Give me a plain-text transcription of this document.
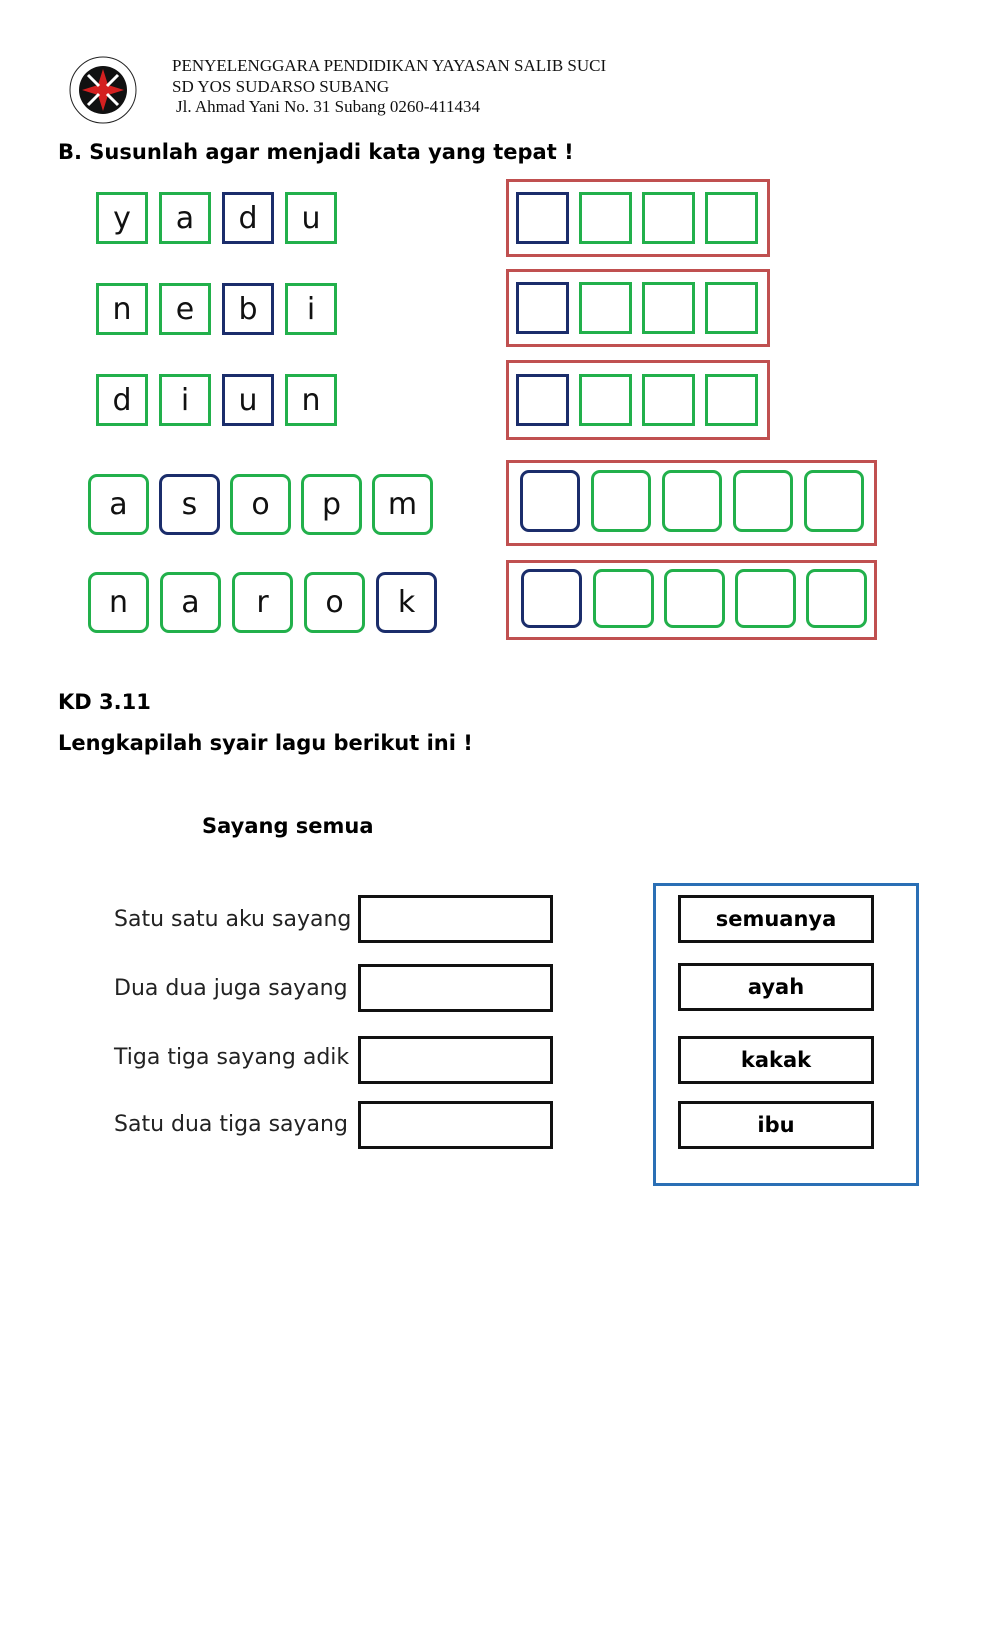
PENYELENGGARA PENDIDIKAN YAYASAN SALIB SUCI
SD YOS SUDARSO SUBANG
Jl. Ahmad Yani No. 31 Subang 0260-411434
B. Susunlah agar menjadi kata yang tepat !
y	a	d	u
n	e	b	i
d	i	u	n
a	s	o	p	m
n	a	r	o	k
KD 3.11
Lengkapilah syair lagu berikut ini !
Sayang semua
Satu satu aku sayang
Dua dua juga sayang
Tiga tiga sayang adik
Satu dua tiga sayang
semuanya
ayah
kakak
ibu
